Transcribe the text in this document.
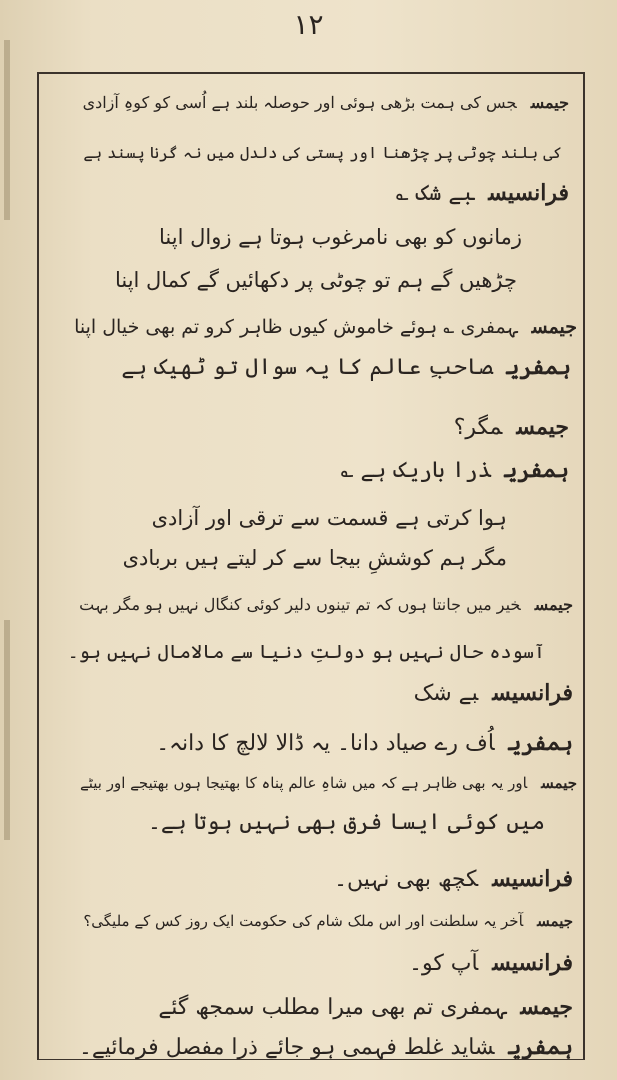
۱۲
جیمسجس کی ہمت بڑھی ہوئی اور حوصلہ بلند ہے اُسی کو کوہِ آزادی
کی بلند چوٹی پر چڑھنا اور پستی کی دلدل میں نہ گرنا پسند ہے
فرانسیسبے شک ؎
زمانوں کو بھی نامرغوب ہوتا ہے زوال اپنا
چڑھیں گے ہم تو چوٹی پر دکھائیں گے کمال اپنا
جیمسہمفری ؎ ہوئے خاموش کیوں ظاہر کرو تم بھی خیال اپنا
ہمفریصاحبِ عالم کا یہ سوال تو ٹھیک ہے
جیمسمگر؟
ہمفریذرا باریک ہے ؎
ہوا کرتی ہے قسمت سے ترقی اور آزادی
مگر ہم کوششِ بیجا سے کر لیتے ہیں بربادی
جیمسخیر میں جانتا ہوں کہ تم تینوں دلیر کوئی کنگال نہیں ہو مگر بہت
آسودہ حال نہیں ہو دولتِ دنیا سے مالامال نہیں ہو۔
فرانسیسبے شک
ہمفریاُف رے صیاد دانا۔ یہ ڈالا لالچ کا دانہ۔
جیمساور یہ بھی ظاہر ہے کہ میں شاہِ عالم پناہ کا بھتیجا ہوں بھتیجے اور بیٹے
میں کوئی ایسا فرق بھی نہیں ہوتا ہے۔
فرانسیسکچھ بھی نہیں۔
جیمسآخر یہ سلطنت اور اس ملک شام کی حکومت ایک روز کس کے ملیگی؟
فرانسیسآپ کو۔
جیمسہمفری تم بھی میرا مطلب سمجھ گئے
ہمفریشاید غلط فہمی ہو جائے ذرا مفصل فرمائیے۔
